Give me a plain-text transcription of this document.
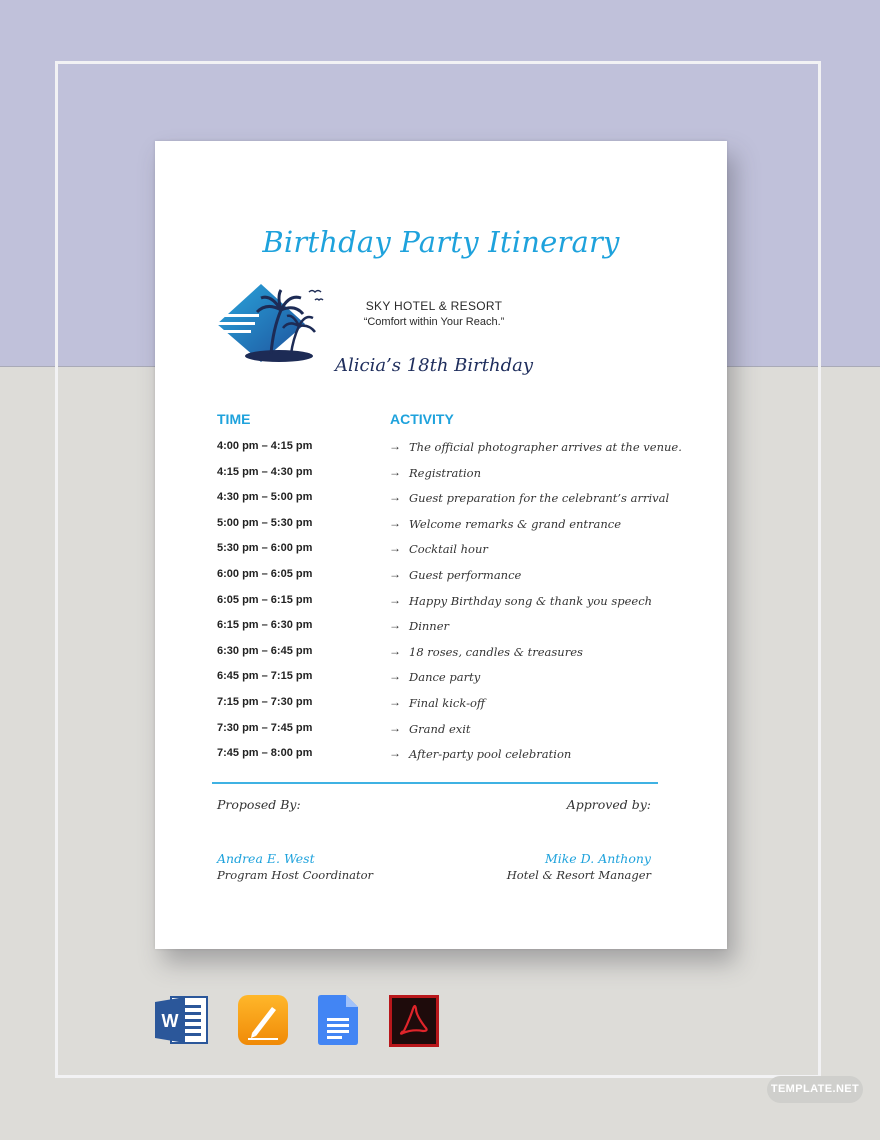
Birthday Party Itinerary
SKY HOTEL & RESORT
“Comfort within Your Reach.”
Alicia’s 18th Birthday
TIME	ACTIVITY
4:00 pm – 4:15 pm	→ The official photographer arrives at the venue.
4:15 pm – 4:30 pm	→ Registration
4:30 pm – 5:00 pm	→ Guest preparation for the celebrant’s arrival
5:00 pm – 5:30 pm	→ Welcome remarks & grand entrance
5:30 pm – 6:00 pm	→ Cocktail hour
6:00 pm – 6:05 pm	→ Guest performance
6:05 pm – 6:15 pm	→ Happy Birthday song & thank you speech
6:15 pm – 6:30 pm	→ Dinner
6:30 pm – 6:45 pm	→ 18 roses, candles & treasures
6:45 pm – 7:15 pm	→ Dance party
7:15 pm – 7:30 pm	→ Final kick-off
7:30 pm – 7:45 pm	→ Grand exit
7:45 pm – 8:00 pm	→ After-party pool celebration
Proposed By:	Approved by:
Andrea E. West	Mike D. Anthony
Program Host Coordinator	Hotel & Resort Manager
W
TEMPLATE.NET
